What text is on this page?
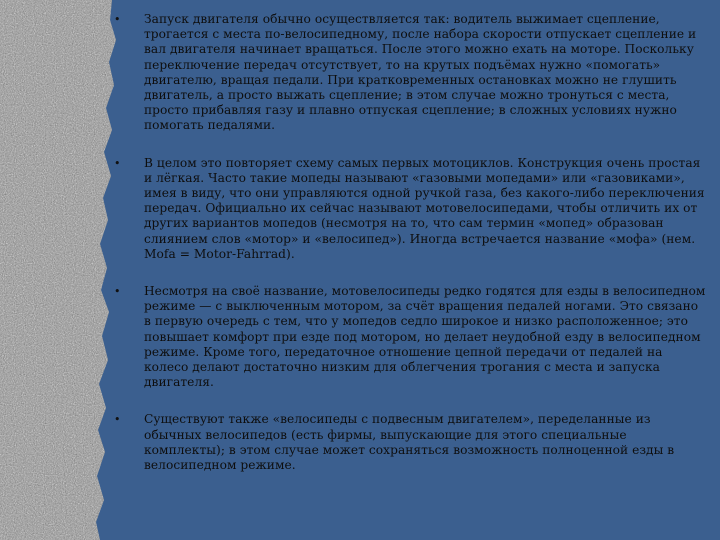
• Запуск двигателя обычно осуществляется так: водитель выжимает сцепление, трогается с места по-велосипедному, после набора скорости отпускает сцепление и вал двигателя начинает вращаться. После этого можно ехать на моторе. Поскольку переключение передач отсутствует, то на крутых подъёмах нужно «помогать» двигателю, вращая педали. При кратковременных остановках можно не глушить двигатель, а просто выжать сцепление; в этом случае можно тронуться с места, просто прибавляя газу и плавно отпуская сцепление; в сложных условиях нужно помогать педалями.
• В целом это повторяет схему самых первых мотоциклов. Конструкция очень простая и лёгкая. Часто такие мопеды называют «газовыми мопедами» или «газовиками», имея в виду, что они управляются одной ручкой газа, без какого-либо переключения передач. Официально их сейчас называют мотовелосипедами, чтобы отличить их от других вариантов мопедов (несмотря на то, что сам термин «мопед» образован слиянием слов «мотор» и «велосипед»). Иногда встречается название «мофа» (нем. Mofa = Motor-Fahrrad).
• Несмотря на своё название, мотовелосипеды редко годятся для езды в велосипедном режиме — с выключенным мотором, за счёт вращения педалей ногами. Это связано в первую очередь с тем, что у мопедов седло широкое и низко расположенное; это повышает комфорт при езде под мотором, но делает неудобной езду в велосипедном режиме. Кроме того, передаточное отношение цепной передачи от педалей на колесо делают достаточно низким для облегчения трогания с места и запуска двигателя.
• Существуют также «велосипеды с подвесным двигателем», переделанные из обычных велосипедов (есть фирмы, выпускающие для этого специальные комплекты); в этом случае может сохраняться возможность полноценной езды в велосипедном режиме.
